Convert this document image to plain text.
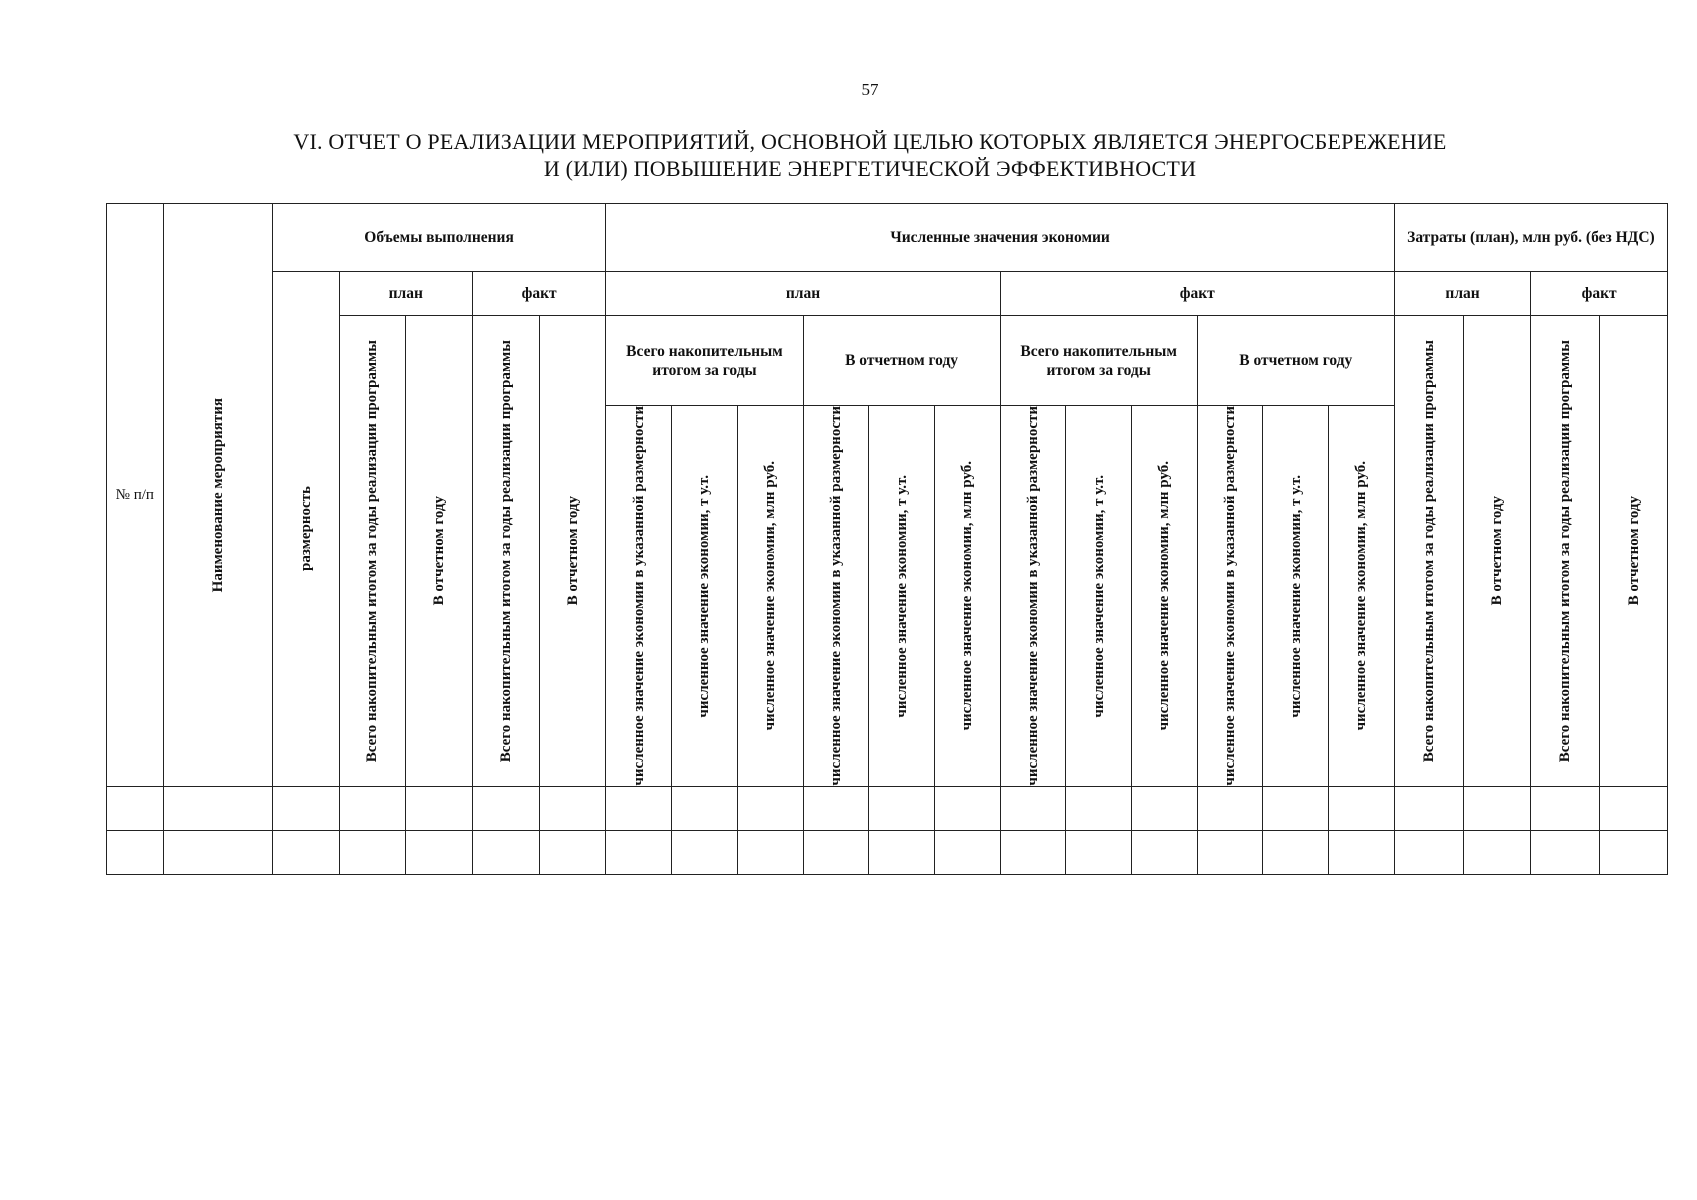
57
VI. ОТЧЕТ О РЕАЛИЗАЦИИ МЕРОПРИЯТИЙ, ОСНОВНОЙ ЦЕЛЬЮ КОТОРЫХ ЯВЛЯЕТСЯ ЭНЕРГОСБЕРЕЖЕНИЕ
И (ИЛИ) ПОВЫШЕНИЕ ЭНЕРГЕТИЧЕСКОЙ ЭФФЕКТИВНОСТИ
№ п/п	Наименование мероприятия	Объемы выполнения					Численные значения экономии												Затраты (план), млн руб. (без НДС)			

		размерность	план		факт		план						факт						план		факт	

			Всего накопительным итогом за годы реализации программы	В отчетном году	Всего накопительным итогом за годы реализации программы	В отчетном году	Всего накопительным итогом за годы			В отчетном году			Всего накопительным итогом за годы			В отчетном году			Всего накопительным итогом за годы реализации программы	В отчетном году	Всего накопительным итогом за годы реализации программы	В отчетном году

							численное значение экономии в указанной размерности	численное значение экономии, т у.т.	численное значение экономии, млн руб.	численное значение экономии в указанной размерности	численное значение экономии, т у.т.	численное значение экономии, млн руб.	численное значение экономии в указанной размерности	численное значение экономии, т у.т.	численное значение экономии, млн руб.	численное значение экономии в указанной размерности	численное значение экономии, т у.т.	численное значение экономии, млн руб.				
